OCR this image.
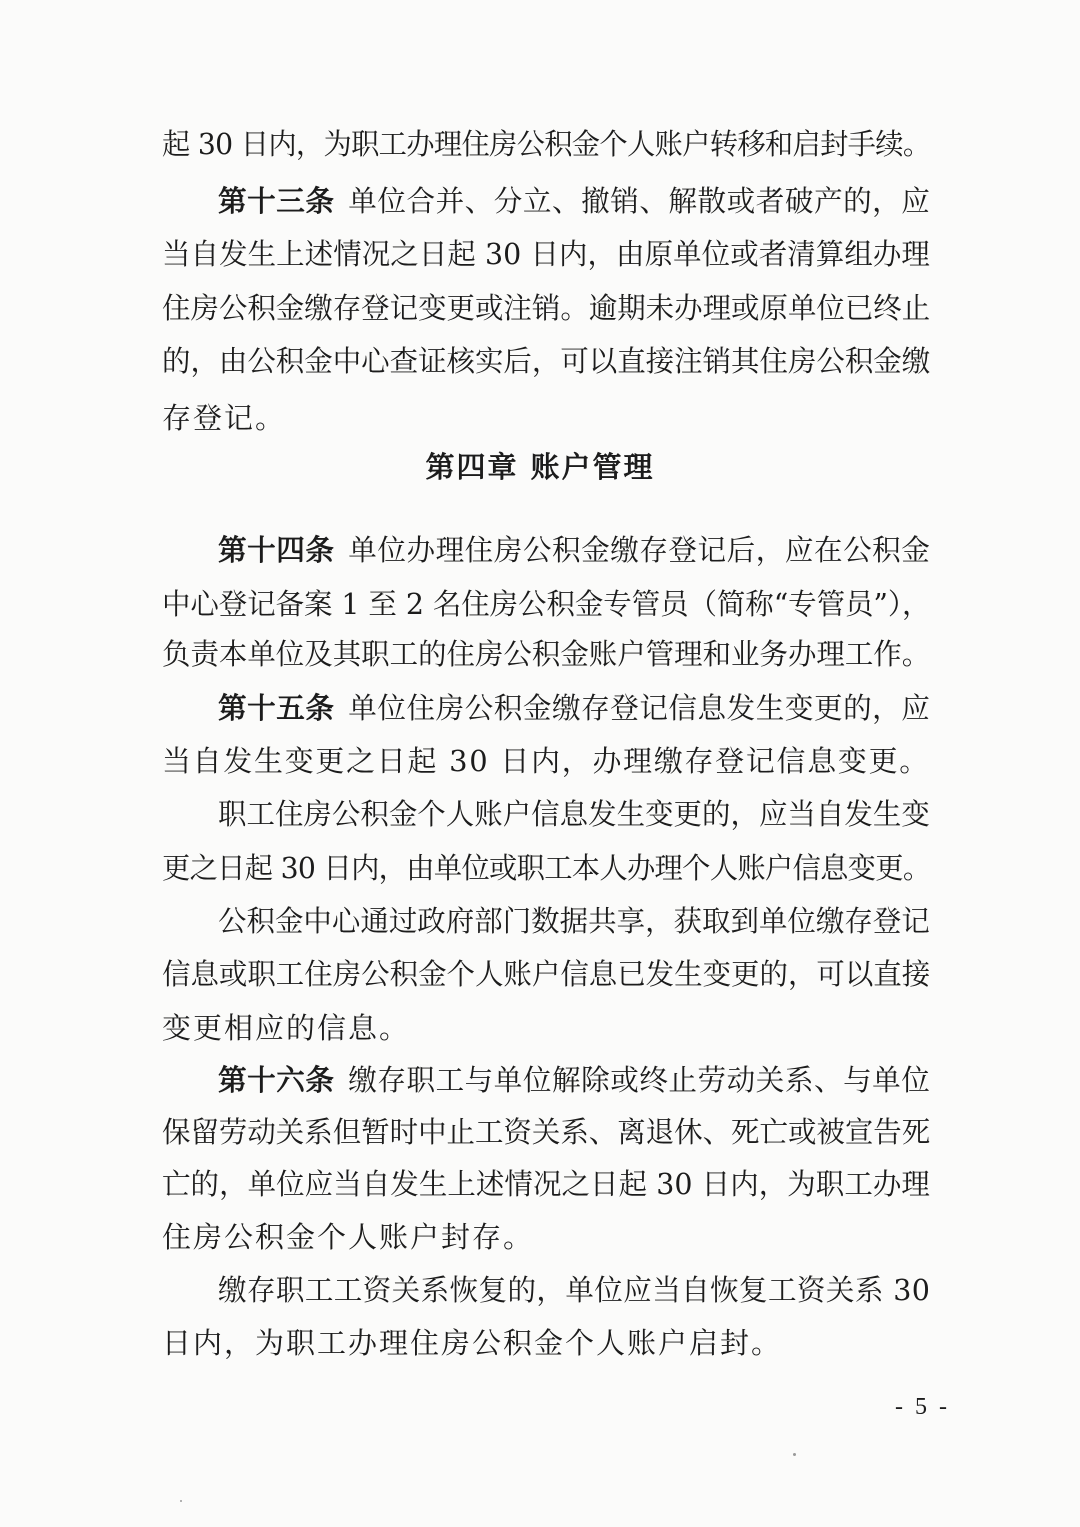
起 30 日内，为职工办理住房公积金个人账户转移和启封手续。
第十三条 单位合并、分立、撤销、解散或者破产的，应
当自发生上述情况之日起 30 日内，由原单位或者清算组办理
住房公积金缴存登记变更或注销。逾期未办理或原单位已终止
的，由公积金中心查证核实后，可以直接注销其住房公积金缴
存登记。
第四章 账户管理
第十四条 单位办理住房公积金缴存登记后，应在公积金
中心登记备案 1 至 2 名住房公积金专管员（简称“专管员”），
负责本单位及其职工的住房公积金账户管理和业务办理工作。
第十五条 单位住房公积金缴存登记信息发生变更的，应
当自发生变更之日起 30 日内，办理缴存登记信息变更。
职工住房公积金个人账户信息发生变更的，应当自发生变
更之日起 30 日内，由单位或职工本人办理个人账户信息变更。
公积金中心通过政府部门数据共享，获取到单位缴存登记
信息或职工住房公积金个人账户信息已发生变更的，可以直接
变更相应的信息。
第十六条 缴存职工与单位解除或终止劳动关系、与单位
保留劳动关系但暂时中止工资关系、离退休、死亡或被宣告死
亡的，单位应当自发生上述情况之日起 30 日内，为职工办理
住房公积金个人账户封存。
缴存职工工资关系恢复的，单位应当自恢复工资关系 30
日内，为职工办理住房公积金个人账户启封。
- 5 -
